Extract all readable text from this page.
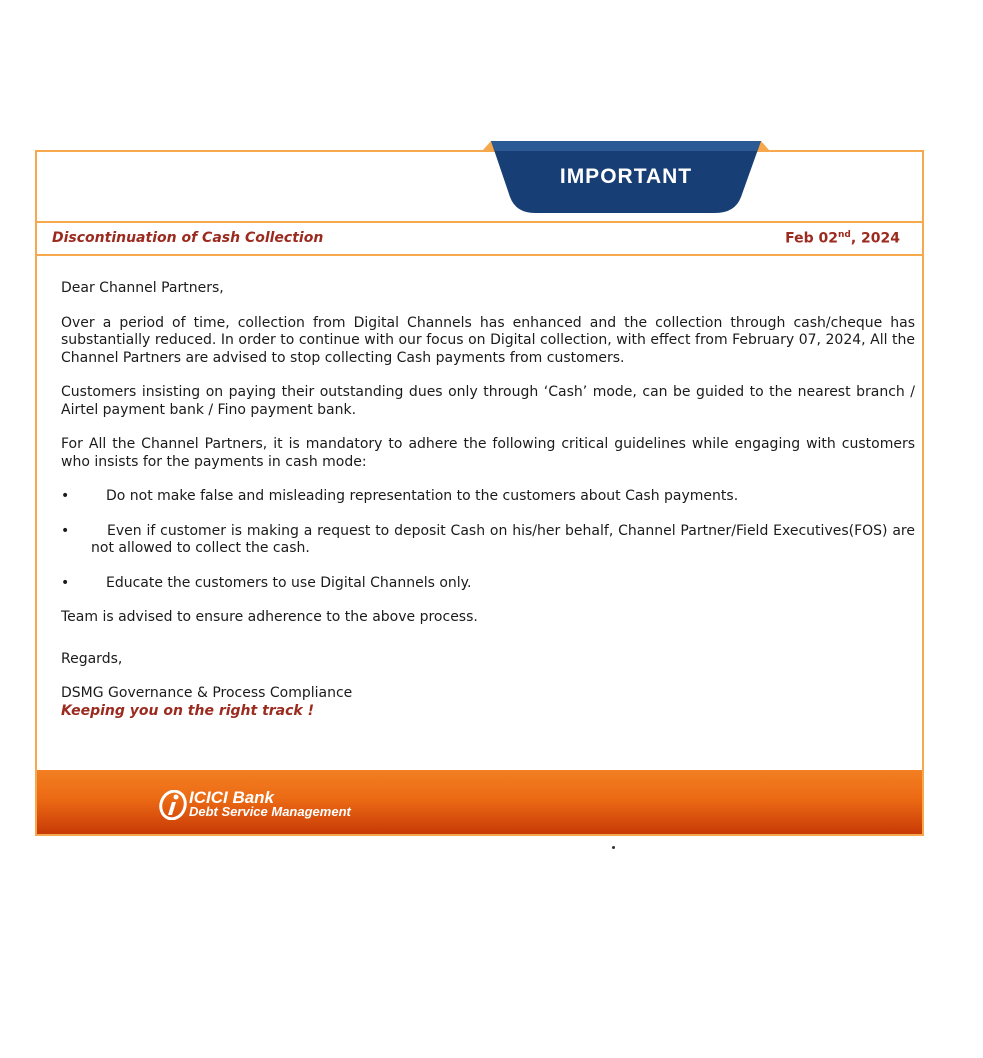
IMPORTANT
Discontinuation of Cash Collection	Feb 02nd, 2024

Dear Channel Partners,

Over a period of time, collection from Digital Channels has enhanced and the collection through cash/cheque has substantially reduced. In order to continue with our focus on Digital collection, with effect from February 07, 2024, All the Channel Partners are advised to stop collecting Cash payments from customers.

Customers insisting on paying their outstanding dues only through ‘Cash’ mode, can be guided to the nearest branch / Airtel payment bank / Fino payment bank.

For All the Channel Partners, it is mandatory to adhere the following critical guidelines while engaging with customers who insists for the payments in cash mode:

•	Do not make false and misleading representation to the customers about Cash payments.

•	Even if customer is making a request to deposit Cash on his/her behalf, Channel Partner/Field Executives(FOS) are not allowed to collect the cash.

•	Educate the customers to use Digital Channels only.

Team is advised to ensure adherence to the above process.

Regards,

DSMG Governance & Process Compliance

Keeping you on the right track !

ICICI Bank
Debt Service Management
